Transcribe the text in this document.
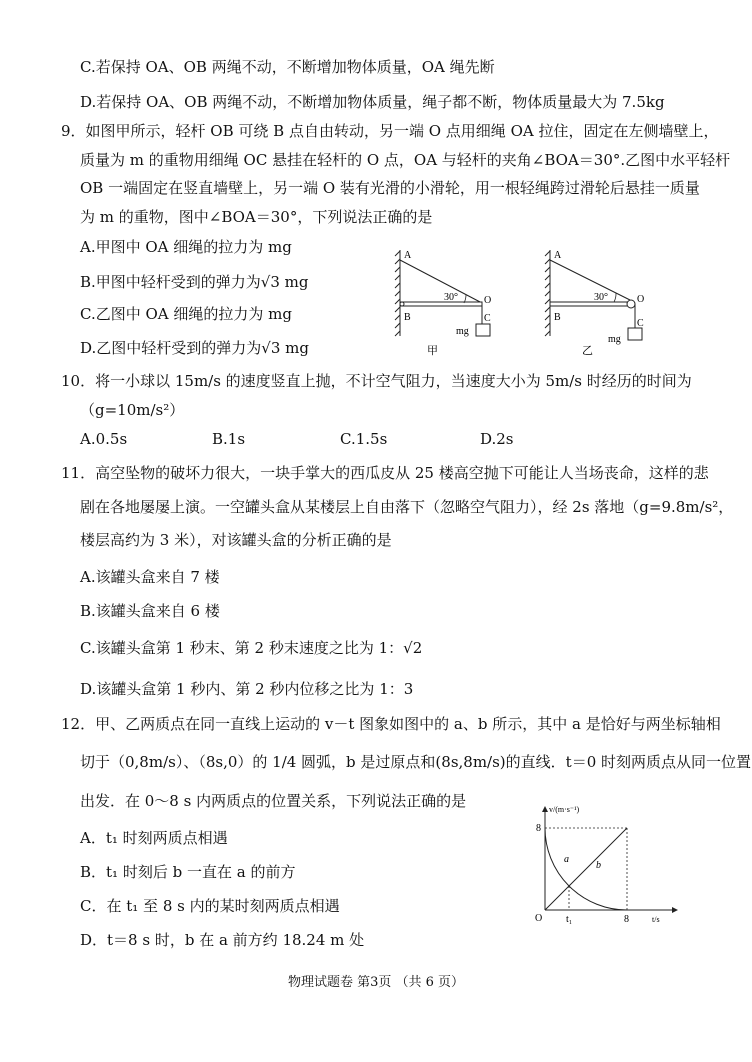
C.若保持 OA、OB 两绳不动，不断增加物体质量，OA 绳先断
D.若保持 OA、OB 两绳不动，不断增加物体质量，绳子都不断，物体质量最大为 7.5kg
9．如图甲所示，轻杆 OB 可绕 B 点自由转动，另一端 O 点用细绳 OA 拉住，固定在左侧墙壁上，
质量为 m 的重物用细绳 OC 悬挂在轻杆的 O 点，OA 与轻杆的夹角∠BOA＝30°.乙图中水平轻杆
OB 一端固定在竖直墙壁上，另一端 O 装有光滑的小滑轮，用一根轻绳跨过滑轮后悬挂一质量
为 m 的重物，图中∠BOA＝30°，下列说法正确的是
A.甲图中 OA 细绳的拉力为 mg
B.甲图中轻杆受到的弹力为√3 mg
C.乙图中 OA 细绳的拉力为 mg
D.乙图中轻杆受到的弹力为√3 mg
A
B
O
C
30°
mg
甲
A
B
O
C
30°
mg
乙
10．将一小球以 15m/s 的速度竖直上抛，不计空气阻力，当速度大小为 5m/s 时经历的时间为
（g=10m/s²）
A.0.5s	B.1s	C.1.5s	D.2s
11．高空坠物的破坏力很大，一块手掌大的西瓜皮从 25 楼高空抛下可能让人当场丧命，这样的悲
剧在各地屡屡上演。一空罐头盒从某楼层上自由落下（忽略空气阻力），经 2s 落地（g=9.8m/s²，
楼层高约为 3 米），对该罐头盒的分析正确的是
A.该罐头盒来自 7 楼
B.该罐头盒来自 6 楼
C.该罐头盒第 1 秒末、第 2 秒末速度之比为 1：√2
D.该罐头盒第 1 秒内、第 2 秒内位移之比为 1：3
12．甲、乙两质点在同一直线上运动的 v－t 图象如图中的 a、b 所示，其中 a 是恰好与两坐标轴相
切于（0,8m/s）、（8s,0）的 1/4 圆弧，b 是过原点和(8s,8m/s)的直线．t＝0 时刻两质点从同一位置
出发．在 0～8 s 内两质点的位置关系，下列说法正确的是
A．t₁ 时刻两质点相遇
B．t₁ 时刻后 b 一直在 a 的前方
C．在 t₁ 至 8 s 内的某时刻两质点相遇
D．t＝8 s 时，b 在 a 前方约 18.24 m 处
v/(m·s⁻¹)
t/s
8
8
O t₁
a
b
物理试题卷 第3页 （共 6 页）
